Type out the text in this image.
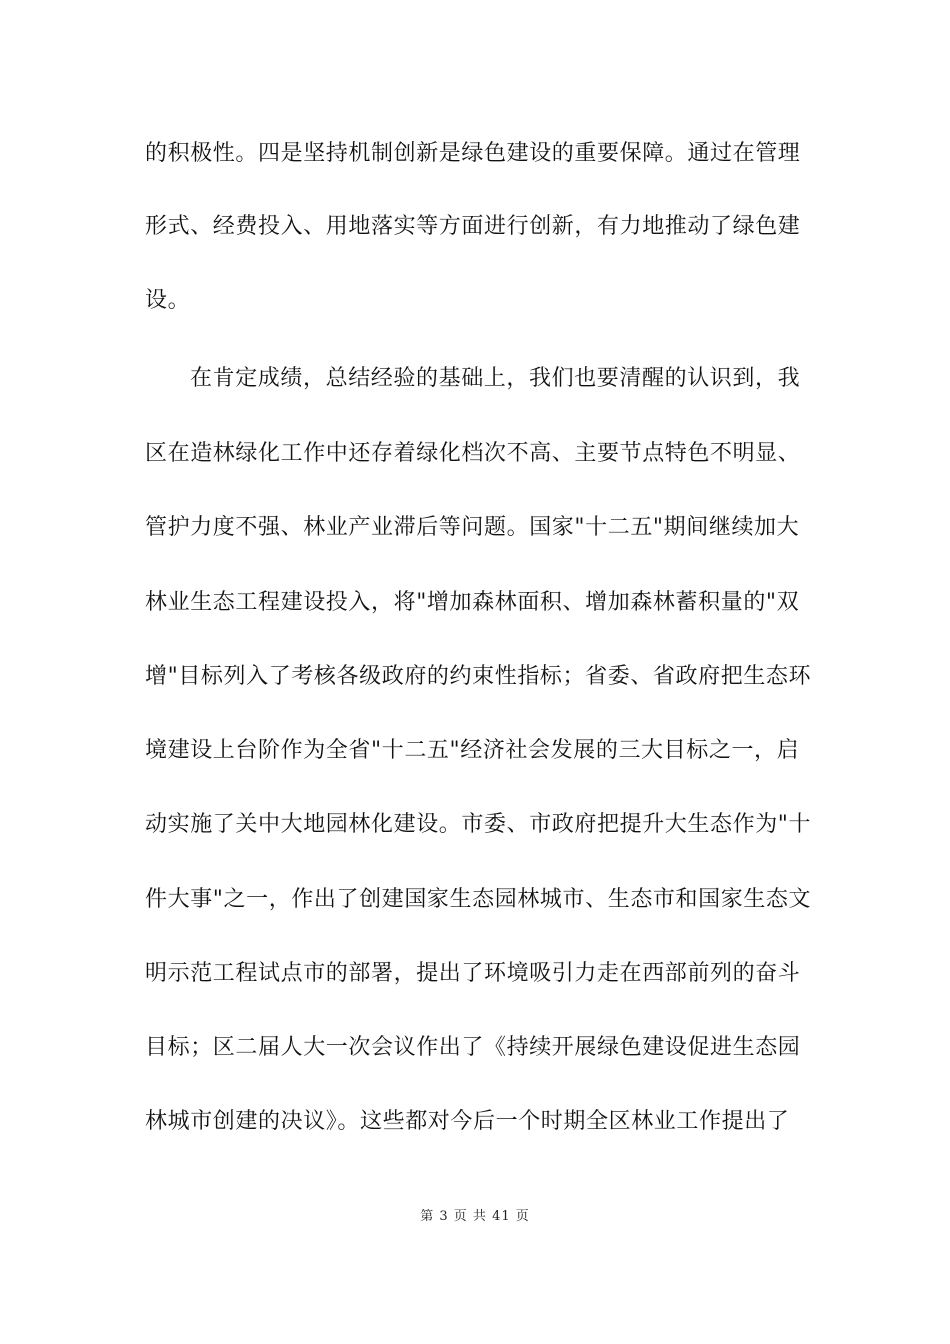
的积极性。四是坚持机制创新是绿色建设的重要保障。通过在管理
形式、经费投入、用地落实等方面进行创新，有力地推动了绿色建
设。
在肯定成绩，总结经验的基础上，我们也要清醒的认识到，我
区在造林绿化工作中还存着绿化档次不高、主要节点特色不明显、
管护力度不强、林业产业滞后等问题。国家"十二五"期间继续加大
林业生态工程建设投入，将"增加森林面积、增加森林蓄积量的"双
增"目标列入了考核各级政府的约束性指标；省委、省政府把生态环
境建设上台阶作为全省"十二五"经济社会发展的三大目标之一，启
动实施了关中大地园林化建设。市委、市政府把提升大生态作为"十
件大事"之一，作出了创建国家生态园林城市、生态市和国家生态文
明示范工程试点市的部署，提出了环境吸引力走在西部前列的奋斗
目标；区二届人大一次会议作出了《持续开展绿色建设促进生态园
林城市创建的决议》。这些都对今后一个时期全区林业工作提出了
第 3 页 共 41 页
